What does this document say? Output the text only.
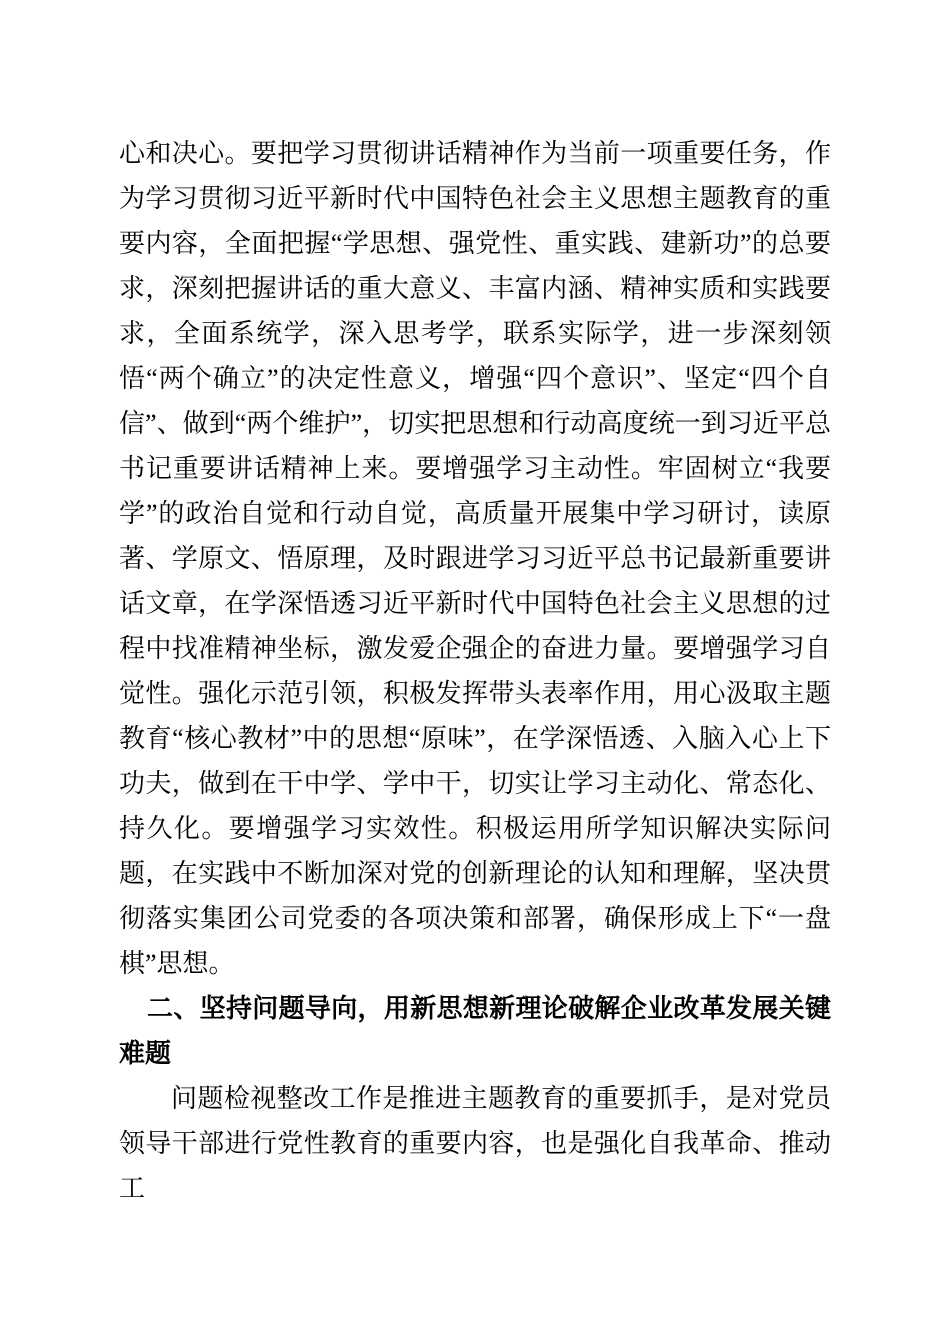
心和决心。要把学习贯彻讲话精神作为当前一项重要任务，作为学习贯彻习近平新时代中国特色社会主义思想主题教育的重要内容，全面把握“学思想、强党性、重实践、建新功”的总要求，深刻把握讲话的重大意义、丰富内涵、精神实质和实践要求，全面系统学，深入思考学，联系实际学，进一步深刻领悟“两个确立”的决定性意义，增强“四个意识”、坚定“四个自信”、做到“两个维护”，切实把思想和行动高度统一到习近平总书记重要讲话精神上来。要增强学习主动性。牢固树立“我要学”的政治自觉和行动自觉，高质量开展集中学习研讨，读原著、学原文、悟原理，及时跟进学习习近平总书记最新重要讲话文章，在学深悟透习近平新时代中国特色社会主义思想的过程中找准精神坐标，激发爱企强企的奋进力量。要增强学习自觉性。强化示范引领，积极发挥带头表率作用，用心汲取主题教育“核心教材”中的思想“原味”，在学深悟透、入脑入心上下功夫，做到在干中学、学中干，切实让学习主动化、常态化、持久化。要增强学习实效性。积极运用所学知识解决实际问题，在实践中不断加深对党的创新理论的认知和理解，坚决贯彻落实集团公司党委的各项决策和部署，确保形成上下“一盘棋”思想。

二、坚持问题导向，用新思想新理论破解企业改革发展关键难题

问题检视整改工作是推进主题教育的重要抓手，是对党员领导干部进行党性教育的重要内容，也是强化自我革命、推动工
